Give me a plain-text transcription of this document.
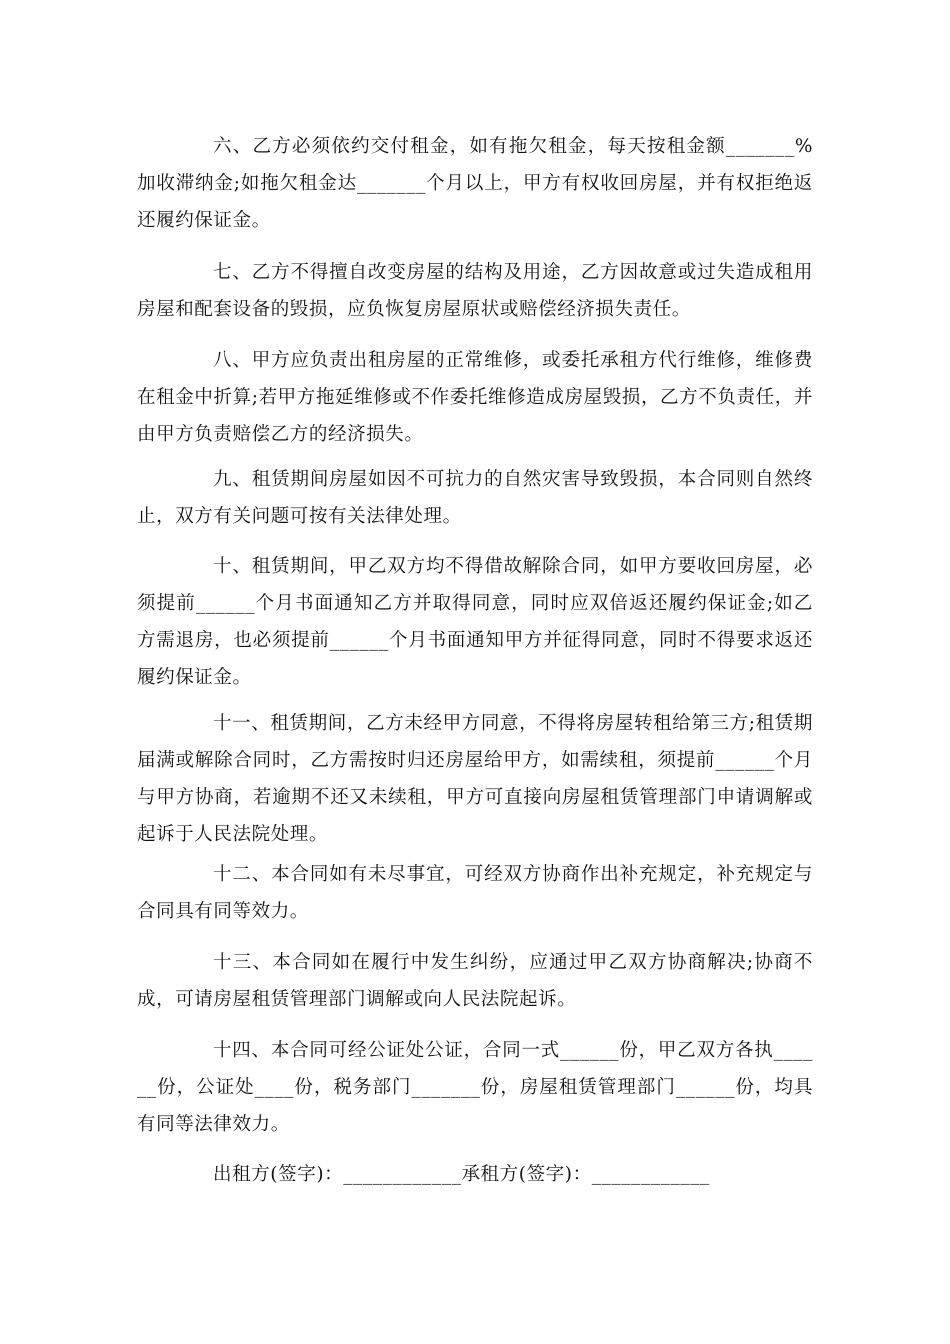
六、乙方必须依约交付租金，如有拖欠租金，每天按租金额_______%加收滞纳金;如拖欠租金达_______个月以上，甲方有权收回房屋，并有权拒绝返还履约保证金。

七、乙方不得擅自改变房屋的结构及用途，乙方因故意或过失造成租用房屋和配套设备的毁损，应负恢复房屋原状或赔偿经济损失责任。

八、甲方应负责出租房屋的正常维修，或委托承租方代行维修，维修费在租金中折算;若甲方拖延维修或不作委托维修造成房屋毁损，乙方不负责任，并由甲方负责赔偿乙方的经济损失。

九、租赁期间房屋如因不可抗力的自然灾害导致毁损，本合同则自然终止，双方有关问题可按有关法律处理。

十、租赁期间，甲乙双方均不得借故解除合同，如甲方要收回房屋，必须提前______个月书面通知乙方并取得同意，同时应双倍返还履约保证金;如乙方需退房，也必须提前______个月书面通知甲方并征得同意，同时不得要求返还履约保证金。

十一、租赁期间，乙方未经甲方同意，不得将房屋转租给第三方;租赁期届满或解除合同时，乙方需按时归还房屋给甲方，如需续租，须提前______个月与甲方协商，若逾期不还又未续租，甲方可直接向房屋租赁管理部门申请调解或起诉于人民法院处理。

十二、本合同如有未尽事宜，可经双方协商作出补充规定，补充规定与合同具有同等效力。

十三、本合同如在履行中发生纠纷，应通过甲乙双方协商解决;协商不成，可请房屋租赁管理部门调解或向人民法院起诉。

十四、本合同可经公证处公证，合同一式______份，甲乙双方各执______份，公证处____份，税务部门_______份，房屋租赁管理部门______份，均具有同等法律效力。

出租方(签字)：____________承租方(签字)：____________
